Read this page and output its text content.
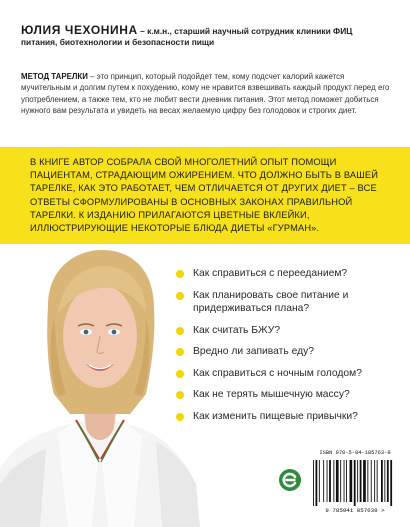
ЮЛИЯ ЧЕХОНИНА – к.м.н., старший научный сотрудник клиники ФИЦ питания, биотехнологии и безопасности пищи
МЕТОД ТАРЕЛКИ – это принцип, который подойдет тем, кому подсчет калорий кажется мучительным и долгим путем к похудению, кому не нравится взвешивать каждый продукт перед его употреблением, а также тем, кто не любит вести дневник питания. Этот метод поможет добиться нужного вам результата и увидеть на весах желаемую цифру без голодовок и строгих диет.

В КНИГЕ АВТОР СОБРАЛА СВОЙ МНОГОЛЕТНИЙ ОПЫТ ПОМОЩИ ПАЦИЕНТАМ, СТРАДАЮЩИМ ОЖИРЕНИЕМ. ЧТО ДОЛЖНО БЫТЬ В ВАШЕЙ ТАРЕЛКЕ, КАК ЭТО РАБОТАЕТ, ЧЕМ ОТЛИЧАЕТСЯ ОТ ДРУГИХ ДИЕТ – ВСЕ ОТВЕТЫ СФОРМУЛИРОВАНЫ В ОСНОВНЫХ ЗАКОНАХ ПРАВИЛЬНОЙ ТАРЕЛКИ. К ИЗДАНИЮ ПРИЛАГАЮТСЯ ЦВЕТНЫЕ ВКЛЕЙКИ, ИЛЛЮСТРИРУЮЩИЕ НЕКОТОРЫЕ БЛЮДА ДИЕТЫ «ГУРМАН».

Как справиться с перееданием?
Как планировать свое питание и придерживаться плана?
Как считать БЖУ?
Вредно ли запивать еду?
Как справиться с ночным голодом?
Как не терять мышечную массу?
Как изменить пищевые привычки?
ISBN 978-5-04-185763-9
9 785041 857639 >
